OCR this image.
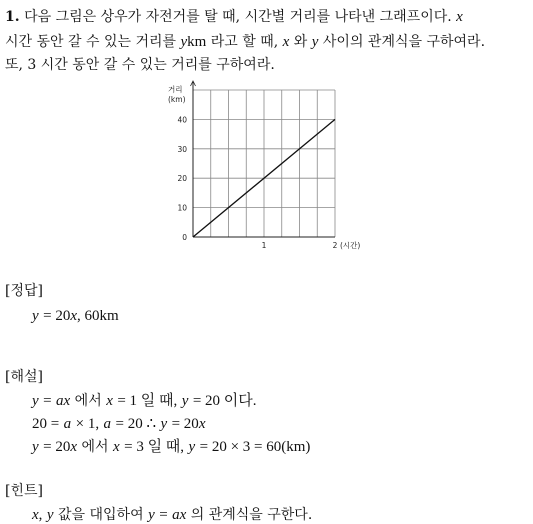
1. 다음 그림은 상우가 자전거를 탈 때, 시간별 거리를 나타낸 그래프이다. x
시간 동안 갈 수 있는 거리를 ykm 라고 할 때, x 와 y 사이의 관계식을 구하여라.
또, 3 시간 동안 갈 수 있는 거리를 구하여라.
0
10
20
30
40
1	2 (시간)
거리
(km)
[정답]
y = 20x, 60km
[해설]
y = ax 에서 x = 1 일 때, y = 20 이다.
20 = a × 1, a = 20 ∴ y = 20x
y = 20x 에서 x = 3 일 때, y = 20 × 3 = 60(km)
[힌트]
x, y 값을 대입하여 y = ax 의 관계식을 구한다.
